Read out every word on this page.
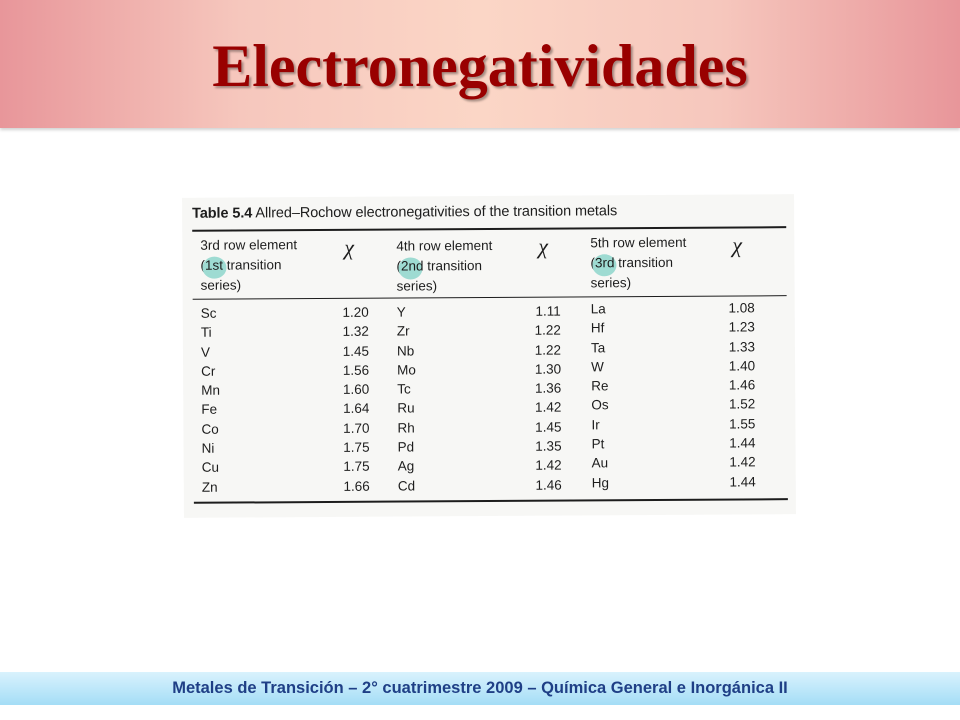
Electronegatividades
Table 5.4 Allred–Rochow electronegativities of the transition metals
3rd row element
(1st transition
series)
χ	4th row element
(2nd transition
series)
χ	5th row element
(3rd transition
series)
χ
Sc
Ti
V
Cr
Mn
Fe
Co
Ni
Cu
Zn
1.20
1.32
1.45
1.56
1.60
1.64
1.70
1.75
1.75
1.66
Y
Zr
Nb
Mo
Tc
Ru
Rh
Pd
Ag
Cd
1.11
1.22
1.22
1.30
1.36
1.42
1.45
1.35
1.42
1.46
La
Hf
Ta
W
Re
Os
Ir
Pt
Au
Hg
1.08
1.23
1.33
1.40
1.46
1.52
1.55
1.44
1.42
1.44
Metales de Transición – 2° cuatrimestre 2009 – Química General e Inorgánica II
